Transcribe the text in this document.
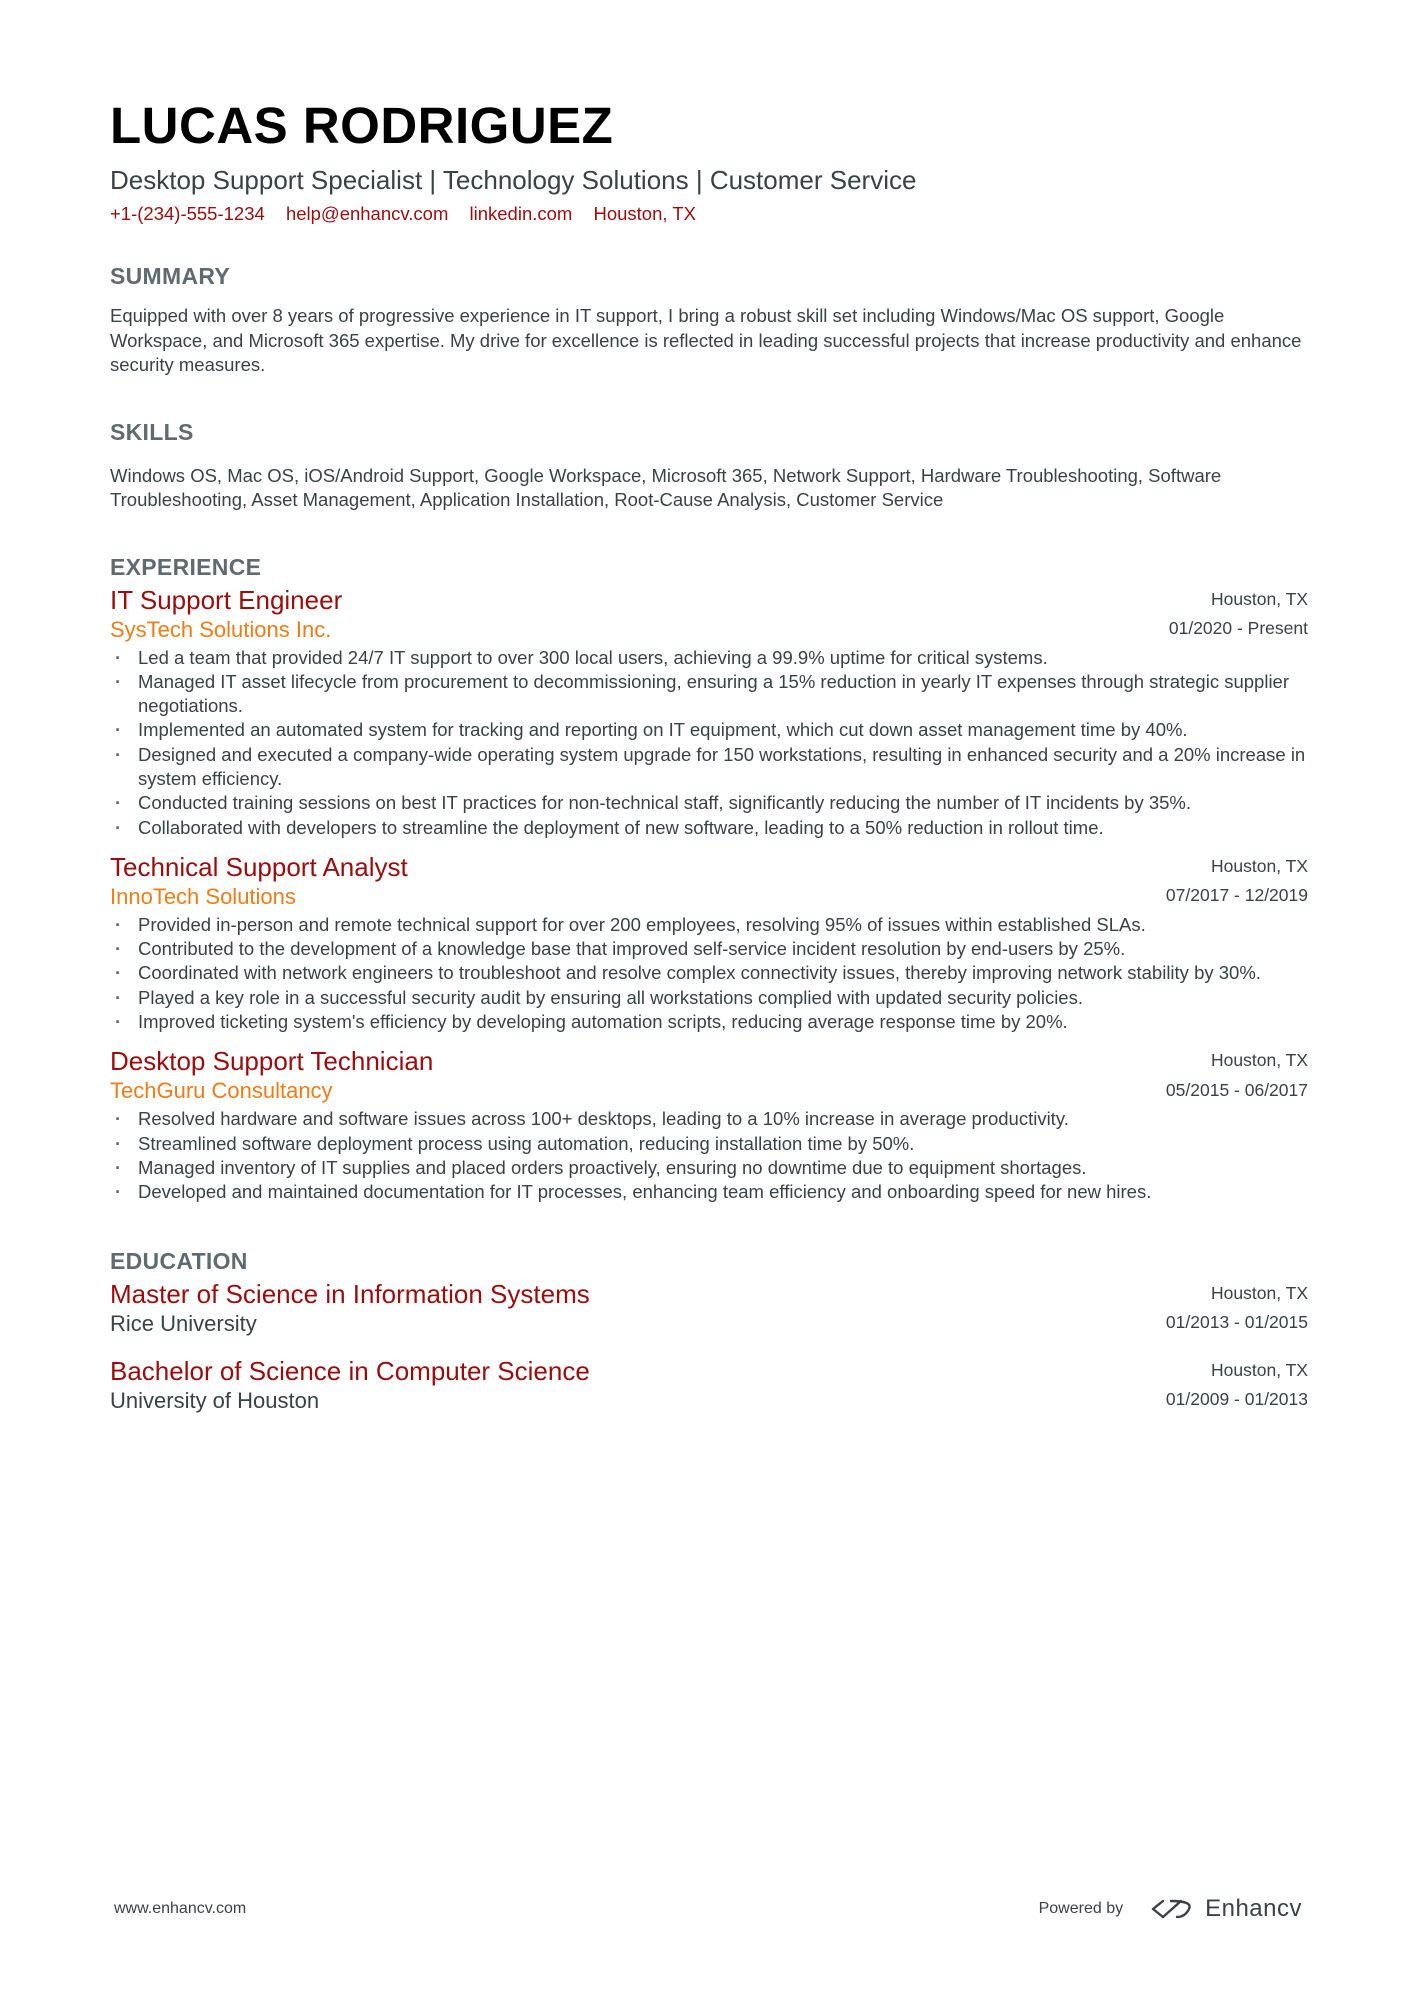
LUCAS RODRIGUEZ
Desktop Support Specialist | Technology Solutions | Customer Service
+1-(234)-555-1234 help@enhancv.com linkedin.com Houston, TX
SUMMARY
Equipped with over 8 years of progressive experience in IT support, I bring a robust skill set including Windows/Mac OS support, Google Workspace, and Microsoft 365 expertise. My drive for excellence is reflected in leading successful projects that increase productivity and enhance security measures.
SKILLS
Windows OS, Mac OS, iOS/Android Support, Google Workspace, Microsoft 365, Network Support, Hardware Troubleshooting, Software Troubleshooting, Asset Management, Application Installation, Root-Cause Analysis, Customer Service
EXPERIENCE
IT Support Engineer
SysTech Solutions Inc.
Houston, TX
01/2020 - Present
· Led a team that provided 24/7 IT support to over 300 local users, achieving a 99.9% uptime for critical systems.
· Managed IT asset lifecycle from procurement to decommissioning, ensuring a 15% reduction in yearly IT expenses through strategic supplier negotiations.
· Implemented an automated system for tracking and reporting on IT equipment, which cut down asset management time by 40%.
· Designed and executed a company-wide operating system upgrade for 150 workstations, resulting in enhanced security and a 20% increase in system efficiency.
· Conducted training sessions on best IT practices for non-technical staff, significantly reducing the number of IT incidents by 35%.
· Collaborated with developers to streamline the deployment of new software, leading to a 50% reduction in rollout time.
Technical Support Analyst
InnoTech Solutions
Houston, TX
07/2017 - 12/2019
· Provided in-person and remote technical support for over 200 employees, resolving 95% of issues within established SLAs.
· Contributed to the development of a knowledge base that improved self-service incident resolution by end-users by 25%.
· Coordinated with network engineers to troubleshoot and resolve complex connectivity issues, thereby improving network stability by 30%.
· Played a key role in a successful security audit by ensuring all workstations complied with updated security policies.
· Improved ticketing system's efficiency by developing automation scripts, reducing average response time by 20%.
Desktop Support Technician
TechGuru Consultancy
Houston, TX
05/2015 - 06/2017
· Resolved hardware and software issues across 100+ desktops, leading to a 10% increase in average productivity.
· Streamlined software deployment process using automation, reducing installation time by 50%.
· Managed inventory of IT supplies and placed orders proactively, ensuring no downtime due to equipment shortages.
· Developed and maintained documentation for IT processes, enhancing team efficiency and onboarding speed for new hires.
EDUCATION
Master of Science in Information Systems
Rice University
Houston, TX
01/2013 - 01/2015
Bachelor of Science in Computer Science
University of Houston
Houston, TX
01/2009 - 01/2013
www.enhancv.com	Powered by	Enhancv
